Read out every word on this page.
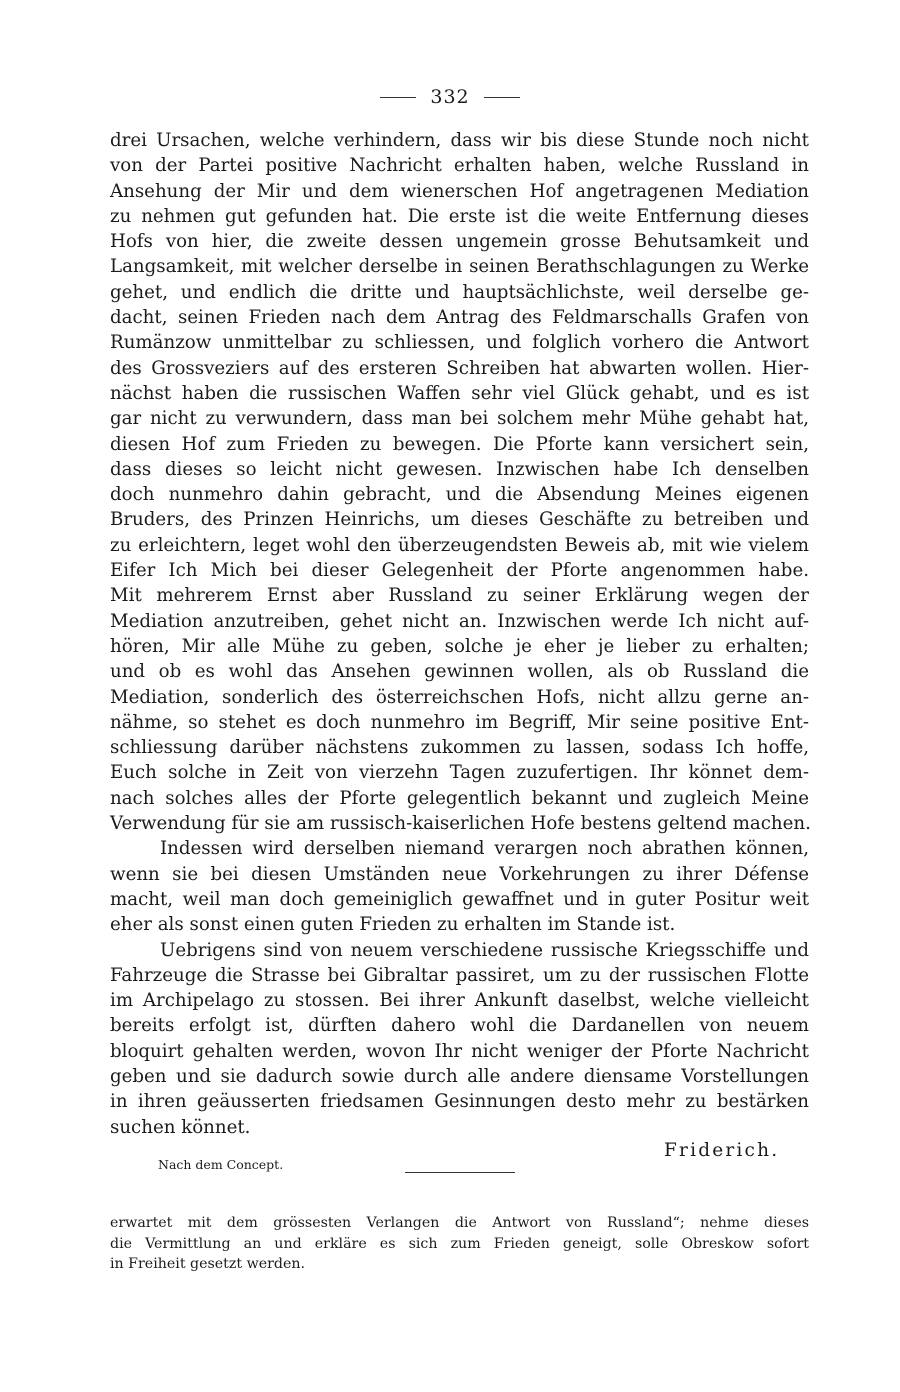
332
drei Ursachen, welche verhindern, dass wir bis diese Stunde noch nicht
von der Partei positive Nachricht erhalten haben, welche Russland in
Ansehung der Mir und dem wienerschen Hof angetragenen Mediation
zu nehmen gut gefunden hat. Die erste ist die weite Entfernung dieses
Hofs von hier, die zweite dessen ungemein grosse Behutsamkeit und
Langsamkeit, mit welcher derselbe in seinen Berathschlagungen zu Werke
gehet, und endlich die dritte und hauptsächlichste, weil derselbe ge-
dacht, seinen Frieden nach dem Antrag des Feldmarschalls Grafen von
Rumänzow unmittelbar zu schliessen, und folglich vorhero die Antwort
des Grossveziers auf des ersteren Schreiben hat abwarten wollen. Hier-
nächst haben die russischen Waffen sehr viel Glück gehabt, und es ist
gar nicht zu verwundern, dass man bei solchem mehr Mühe gehabt hat,
diesen Hof zum Frieden zu bewegen. Die Pforte kann versichert sein,
dass dieses so leicht nicht gewesen. Inzwischen habe Ich denselben
doch nunmehro dahin gebracht, und die Absendung Meines eigenen
Bruders, des Prinzen Heinrichs, um dieses Geschäfte zu betreiben und
zu erleichtern, leget wohl den überzeugendsten Beweis ab, mit wie vielem
Eifer Ich Mich bei dieser Gelegenheit der Pforte angenommen habe.
Mit mehrerem Ernst aber Russland zu seiner Erklärung wegen der
Mediation anzutreiben, gehet nicht an. Inzwischen werde Ich nicht auf-
hören, Mir alle Mühe zu geben, solche je eher je lieber zu erhalten;
und ob es wohl das Ansehen gewinnen wollen, als ob Russland die
Mediation, sonderlich des österreichschen Hofs, nicht allzu gerne an-
nähme, so stehet es doch nunmehro im Begriff, Mir seine positive Ent-
schliessung darüber nächstens zukommen zu lassen, sodass Ich hoffe,
Euch solche in Zeit von vierzehn Tagen zuzufertigen. Ihr könnet dem-
nach solches alles der Pforte gelegentlich bekannt und zugleich Meine
Verwendung für sie am russisch-kaiserlichen Hofe bestens geltend machen.
Indessen wird derselben niemand verargen noch abrathen können,
wenn sie bei diesen Umständen neue Vorkehrungen zu ihrer Défense
macht, weil man doch gemeiniglich gewaffnet und in guter Positur weit
eher als sonst einen guten Frieden zu erhalten im Stande ist.
Uebrigens sind von neuem verschiedene russische Kriegsschiffe und
Fahrzeuge die Strasse bei Gibraltar passiret, um zu der russischen Flotte
im Archipelago zu stossen. Bei ihrer Ankunft daselbst, welche vielleicht
bereits erfolgt ist, dürften dahero wohl die Dardanellen von neuem
bloquirt gehalten werden, wovon Ihr nicht weniger der Pforte Nachricht
geben und sie dadurch sowie durch alle andere diensame Vorstellungen
in ihren geäusserten friedsamen Gesinnungen desto mehr zu bestärken
suchen könnet.
Friderich.
Nach dem Concept.
erwartet mit dem grössesten Verlangen die Antwort von Russland“; nehme dieses
die Vermittlung an und erkläre es sich zum Frieden geneigt, solle Obreskow sofort
in Freiheit gesetzt werden.
